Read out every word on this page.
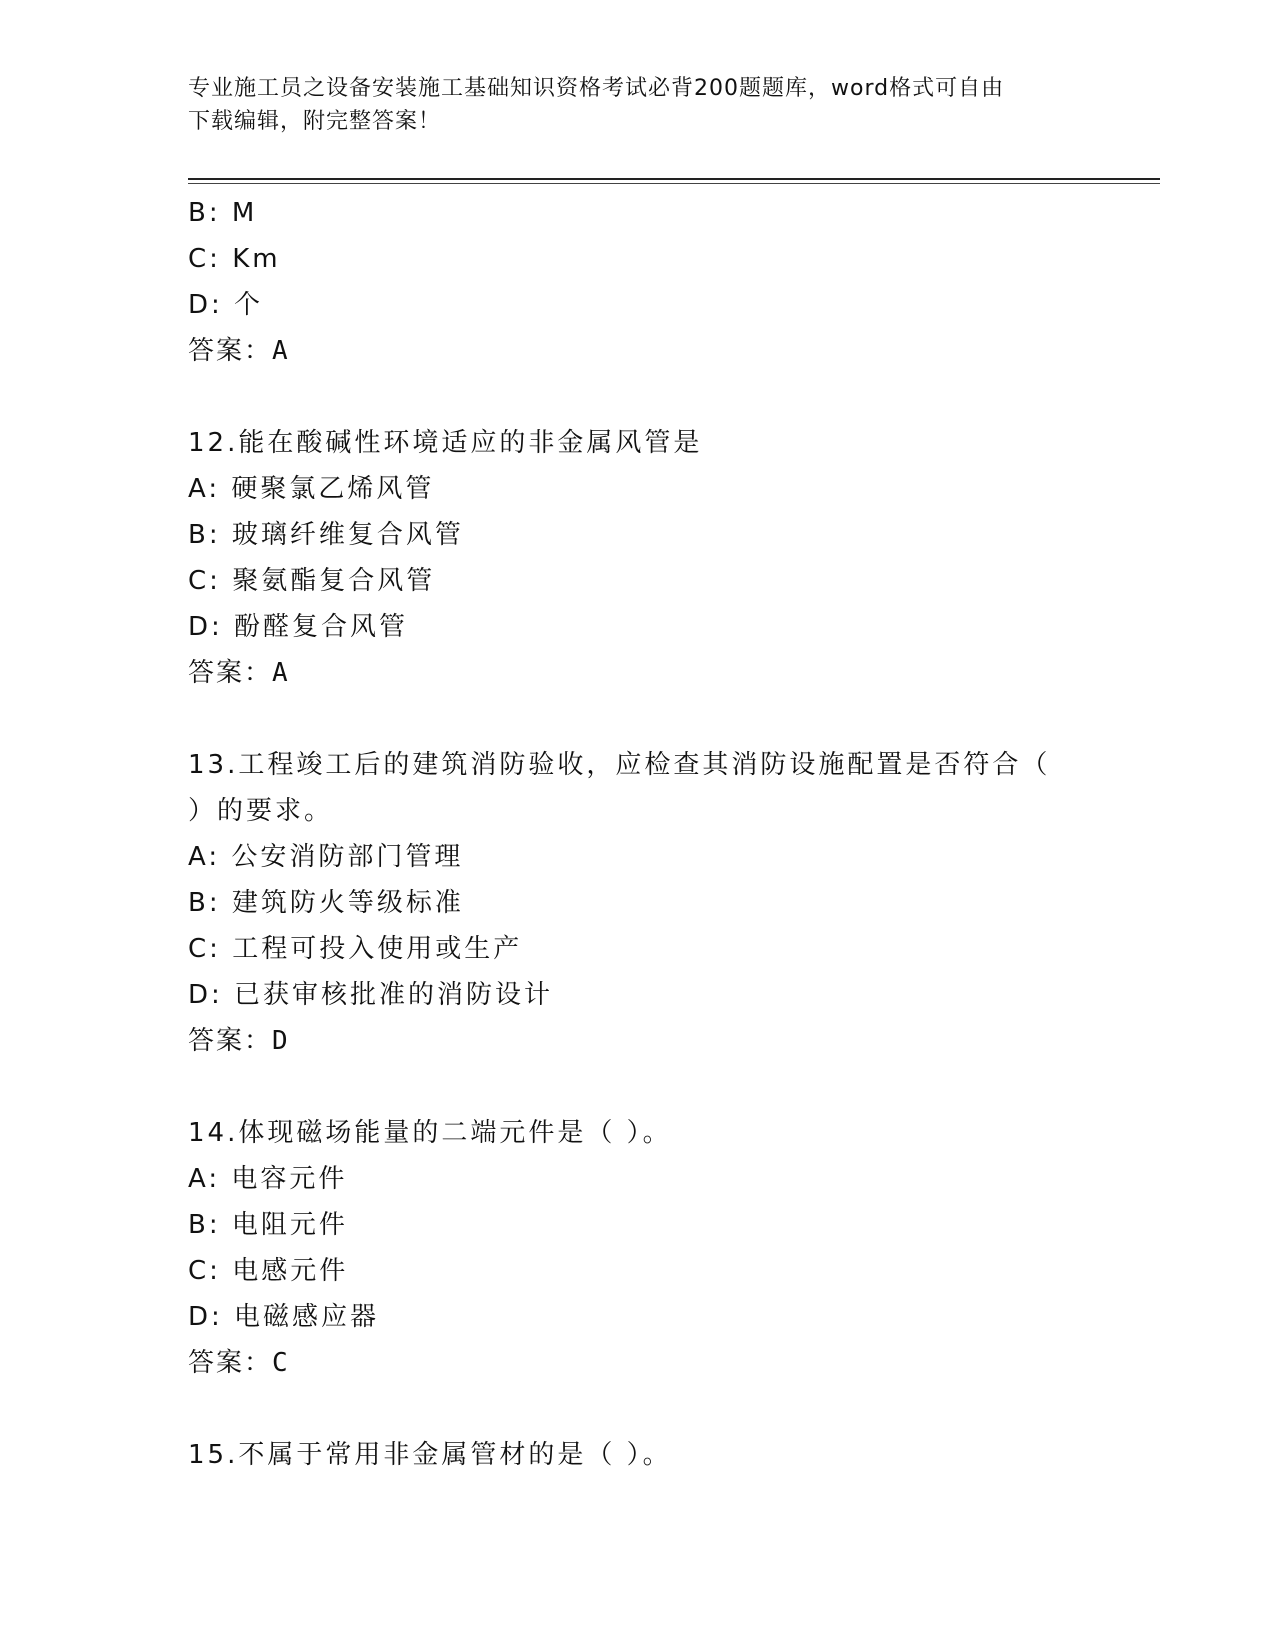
专业施工员之设备安装施工基础知识资格考试必背200题题库，word格式可自由
下载编辑，附完整答案！
B: M
C: Km
D: 个
答案：A
12.能在酸碱性环境适应的非金属风管是
A: 硬聚氯乙烯风管
B: 玻璃纤维复合风管
C: 聚氨酯复合风管
D: 酚醛复合风管
答案：A
13.工程竣工后的建筑消防验收，应检查其消防设施配置是否符合（
）的要求。
A: 公安消防部门管理
B: 建筑防火等级标准
C: 工程可投入使用或生产
D: 已获审核批准的消防设计
答案：D
14.体现磁场能量的二端元件是（ ）。
A: 电容元件
B: 电阻元件
C: 电感元件
D: 电磁感应器
答案：C
15.不属于常用非金属管材的是（ ）。
